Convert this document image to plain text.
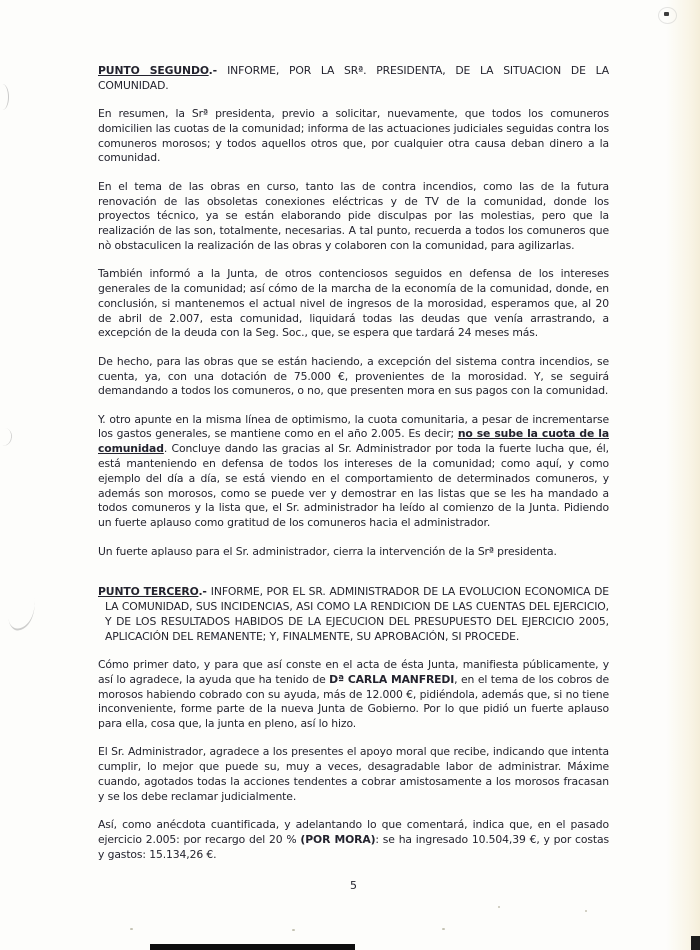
PUNTO SEGUNDO.- INFORME, POR LA SRª. PRESIDENTA, DE LA SITUACION DE LA COMUNIDAD.
En resumen, la Srª presidenta, previo a solicitar, nuevamente, que todos los comuneros domicilien las cuotas de la comunidad; informa de las actuaciones judiciales seguidas contra los comuneros morosos; y todos aquellos otros que, por cualquier otra causa deban dinero a la comunidad.
En el tema de las obras en curso, tanto las de contra incendios, como las de la futura renovación de las obsoletas conexiones eléctricas y de TV de la comunidad, donde los proyectos técnico, ya se están elaborando pide disculpas por las molestias, pero que la realización de las son, totalmente, necesarias. A tal punto, recuerda a todos los comuneros que nò obstaculicen la realización de las obras y colaboren con la comunidad, para agilizarlas.
También informó a la Junta, de otros contenciosos seguidos en defensa de los intereses generales de la comunidad; así cómo de la marcha de la economía de la comunidad, donde, en conclusión, si mantenemos el actual nivel de ingresos de la morosidad, esperamos que, al 20 de abril de 2.007, esta comunidad, liquidará todas las deudas que venía arrastrando, a excepción de la deuda con la Seg. Soc., que, se espera que tardará 24 meses más.
De hecho, para las obras que se están haciendo, a excepción del sistema contra incendios, se cuenta, ya, con una dotación de 75.000 €, provenientes de la morosidad. Y, se seguirá demandando a todos los comuneros, o no, que presenten mora en sus pagos con la comunidad.
Y. otro apunte en la misma línea de optimismo, la cuota comunitaria, a pesar de incrementarse los gastos generales, se mantiene como en el año 2.005. Es decir; no se sube la cuota de la comunidad. Concluye dando las gracias al Sr. Administrador por toda la fuerte lucha que, él, está manteniendo en defensa de todos los intereses de la comunidad; como aquí, y como ejemplo del día a día, se está viendo en el comportamiento de determinados comuneros, y además son morosos, como se puede ver y demostrar en las listas que se les ha mandado a todos comuneros y la lista que, el Sr. administrador ha leído al comienzo de la Junta. Pidiendo un fuerte aplauso como gratitud de los comuneros hacia el administrador.
Un fuerte aplauso para el Sr. administrador, cierra la intervención de la Srª presidenta.
PUNTO TERCERO.- INFORME, POR EL SR. ADMINISTRADOR DE LA EVOLUCION ECONOMICA DE LA COMUNIDAD, SUS INCIDENCIAS, ASI COMO LA RENDICION DE LAS CUENTAS DEL EJERCICIO, Y DE LOS RESULTADOS HABIDOS DE LA EJECUCION DEL PRESUPUESTO DEL EJERCICIO 2005, APLICACIÓN DEL REMANENTE; Y, FINALMENTE, SU APROBACIÓN, SI PROCEDE.
Cómo primer dato, y para que así conste en el acta de ésta Junta, manifiesta públicamente, y así lo agradece, la ayuda que ha tenido de Dª CARLA MANFREDI, en el tema de los cobros de morosos habiendo cobrado con su ayuda, más de 12.000 €, pidiéndola, además que, si no tiene inconveniente, forme parte de la nueva Junta de Gobierno. Por lo que pidió un fuerte aplauso para ella, cosa que, la junta en pleno, así lo hizo.
El Sr. Administrador, agradece a los presentes el apoyo moral que recibe, indicando que intenta cumplir, lo mejor que puede su, muy a veces, desagradable labor de administrar. Máxime cuando, agotados todas la acciones tendentes a cobrar amistosamente a los morosos fracasan y se los debe reclamar judicialmente.
Así, como anécdota cuantificada, y adelantando lo que comentará, indica que, en el pasado ejercicio 2.005: por recargo del 20 % (POR MORA): se ha ingresado 10.504,39 €, y por costas y gastos: 15.134,26 €.
5
